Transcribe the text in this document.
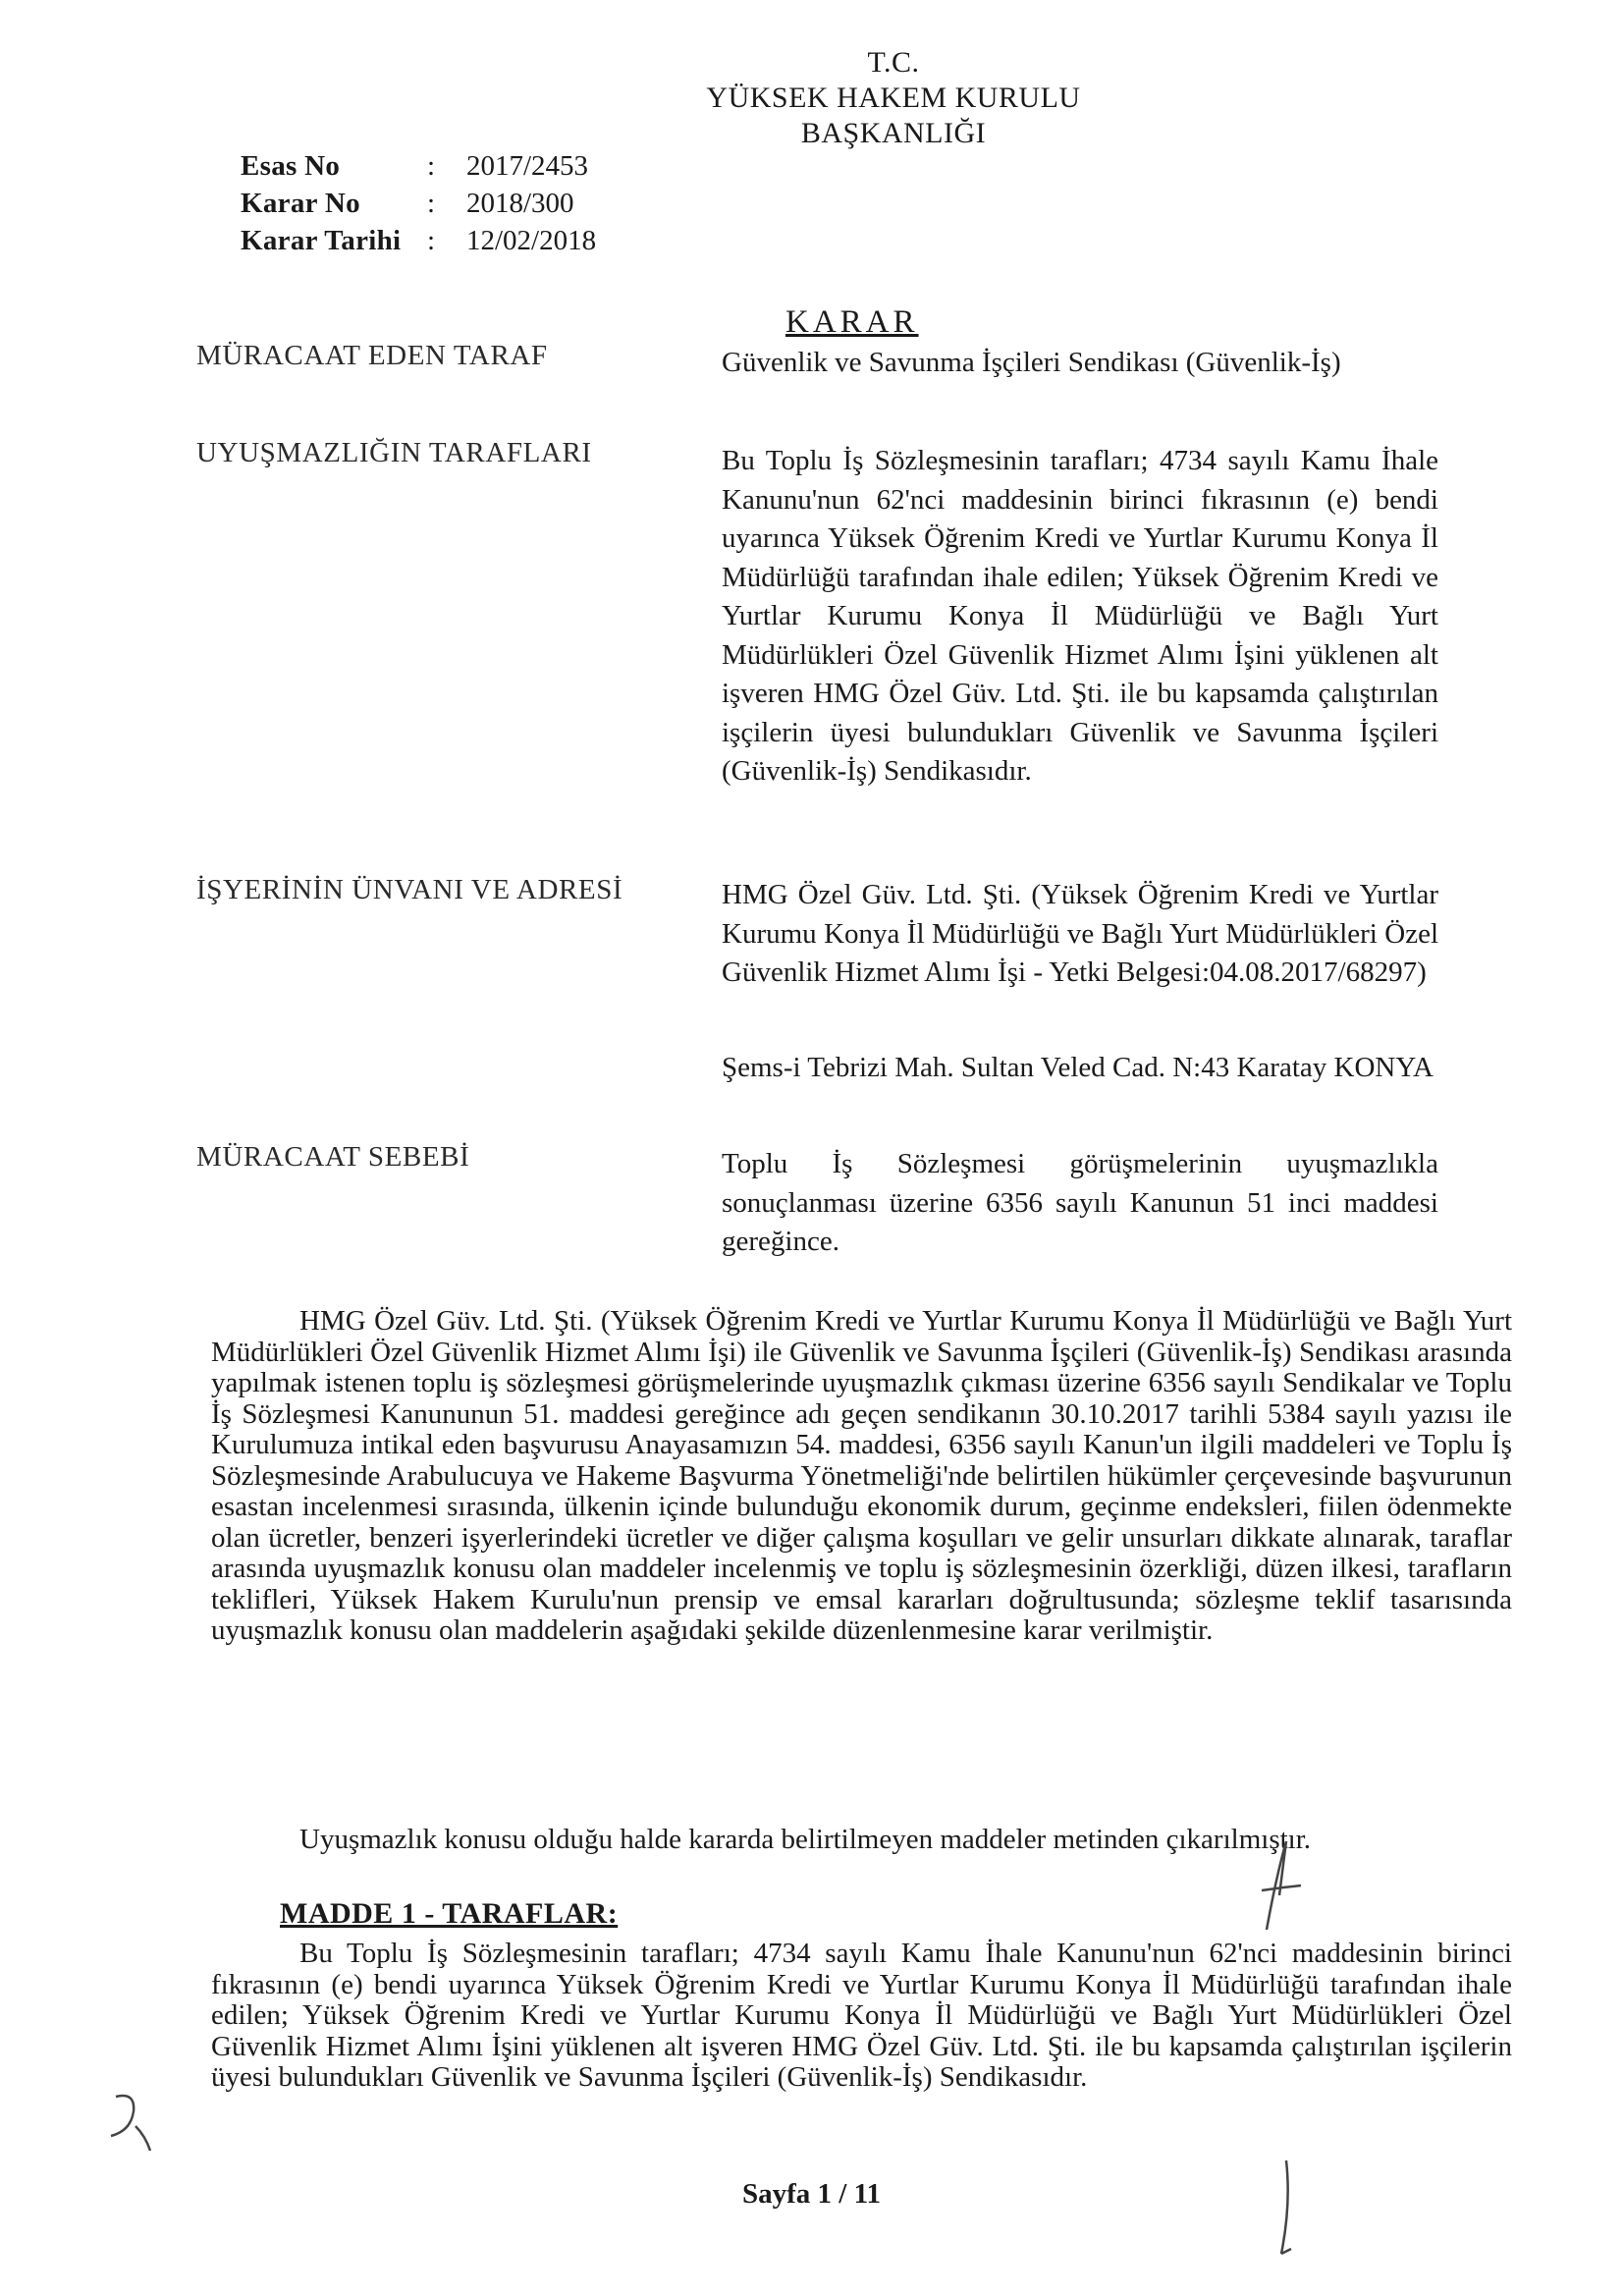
T.C.
YÜKSEK HAKEM KURULU
BAŞKANLIĞI
Esas No	:	2017/2453
Karar No	:	2018/300
Karar Tarihi :	12/02/2018
KARAR
MÜRACAAT EDEN TARAF	Güvenlik ve Savunma İşçileri Sendikası (Güvenlik-İş)
UYUŞMAZLIĞIN TARAFLARI	Bu Toplu İş Sözleşmesinin tarafları; 4734 sayılı Kamu İhale Kanunu'nun 62'nci maddesinin birinci fıkrasının (e) bendi uyarınca Yüksek Öğrenim Kredi ve Yurtlar Kurumu Konya İl Müdürlüğü tarafından ihale edilen; Yüksek Öğrenim Kredi ve Yurtlar Kurumu Konya İl Müdürlüğü ve Bağlı Yurt Müdürlükleri Özel Güvenlik Hizmet Alımı İşini yüklenen alt işveren HMG Özel Güv. Ltd. Şti. ile bu kapsamda çalıştırılan işçilerin üyesi bulundukları Güvenlik ve Savunma İşçileri (Güvenlik-İş) Sendikasıdır.
İŞYERİNİN ÜNVANI VE ADRESİ	HMG Özel Güv. Ltd. Şti. (Yüksek Öğrenim Kredi ve Yurtlar Kurumu Konya İl Müdürlüğü ve Bağlı Yurt Müdürlükleri Özel Güvenlik Hizmet Alımı İşi - Yetki Belgesi:04.08.2017/68297)
Şems-i Tebrizi Mah. Sultan Veled Cad. N:43 Karatay KONYA
MÜRACAAT SEBEBİ	Toplu İş Sözleşmesi görüşmelerinin uyuşmazlıkla sonuçlanması üzerine 6356 sayılı Kanunun 51 inci maddesi gereğince.
HMG Özel Güv. Ltd. Şti. (Yüksek Öğrenim Kredi ve Yurtlar Kurumu Konya İl Müdürlüğü ve Bağlı Yurt Müdürlükleri Özel Güvenlik Hizmet Alımı İşi) ile Güvenlik ve Savunma İşçileri (Güvenlik-İş) Sendikası arasında yapılmak istenen toplu iş sözleşmesi görüşmelerinde uyuşmazlık çıkması üzerine 6356 sayılı Sendikalar ve Toplu İş Sözleşmesi Kanununun 51. maddesi gereğince adı geçen sendikanın 30.10.2017 tarihli 5384 sayılı yazısı ile Kurulumuza intikal eden başvurusu Anayasamızın 54. maddesi, 6356 sayılı Kanun'un ilgili maddeleri ve Toplu İş Sözleşmesinde Arabulucuya ve Hakeme Başvurma Yönetmeliği'nde belirtilen hükümler çerçevesinde başvurunun esastan incelenmesi sırasında, ülkenin içinde bulunduğu ekonomik durum, geçinme endeksleri, fiilen ödenmekte olan ücretler, benzeri işyerlerindeki ücretler ve diğer çalışma koşulları ve gelir unsurları dikkate alınarak, taraflar arasında uyuşmazlık konusu olan maddeler incelenmiş ve toplu iş sözleşmesinin özerkliği, düzen ilkesi, tarafların teklifleri, Yüksek Hakem Kurulu'nun prensip ve emsal kararları doğrultusunda; sözleşme teklif tasarısında uyuşmazlık konusu olan maddelerin aşağıdaki şekilde düzenlenmesine karar verilmiştir.
Uyuşmazlık konusu olduğu halde kararda belirtilmeyen maddeler metinden çıkarılmıştır.
MADDE 1 - TARAFLAR:
Bu Toplu İş Sözleşmesinin tarafları; 4734 sayılı Kamu İhale Kanunu'nun 62'nci maddesinin birinci fıkrasının (e) bendi uyarınca Yüksek Öğrenim Kredi ve Yurtlar Kurumu Konya İl Müdürlüğü tarafından ihale edilen; Yüksek Öğrenim Kredi ve Yurtlar Kurumu Konya İl Müdürlüğü ve Bağlı Yurt Müdürlükleri Özel Güvenlik Hizmet Alımı İşini yüklenen alt işveren HMG Özel Güv. Ltd. Şti. ile bu kapsamda çalıştırılan işçilerin üyesi bulundukları Güvenlik ve Savunma İşçileri (Güvenlik-İş) Sendikasıdır.
Sayfa 1 / 11
